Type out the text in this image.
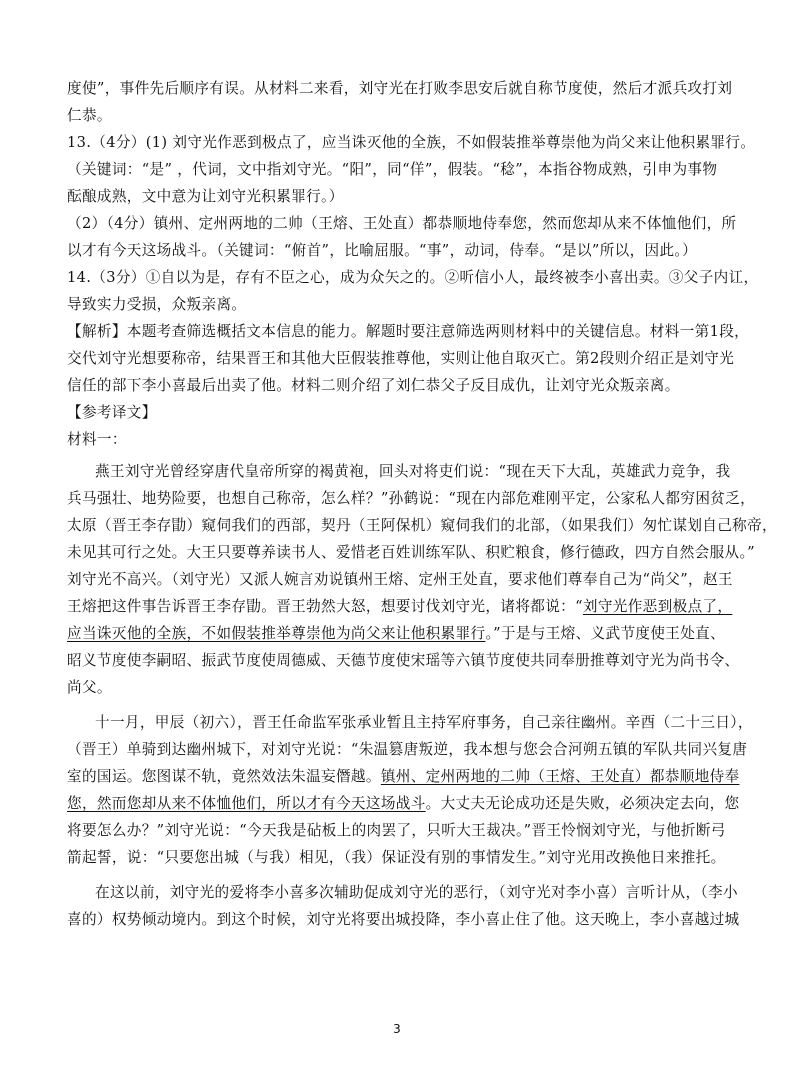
度使”，事件先后顺序有误。从材料二来看，刘守光在打败李思安后就自称节度使，然后才派兵攻打刘
仁恭。
13.（4分）(1) 刘守光作恶到极点了，应当诛灭他的全族，不如假装推举尊崇他为尚父来让他积累罪行。
（关键词：“是” ，代词，文中指刘守光。“阳”，同“佯”，假装。“稔”，本指谷物成熟，引申为事物
酝酿成熟，文中意为让刘守光积累罪行。）
（2）（4分）镇州、定州两地的二帅（王熔、王处直）都恭顺地侍奉您，然而您却从来不体恤他们，所
以才有今天这场战斗。（关键词：“俯首”，比喻屈服。“事”，动词，侍奉。“是以”所以，因此。）
14.（3分）①自以为是，存有不臣之心，成为众矢之的。②听信小人，最终被李小喜出卖。③父子内讧，
导致实力受损，众叛亲离。
【解析】本题考查筛选概括文本信息的能力。解题时要注意筛选两则材料中的关键信息。材料一第1段，
交代刘守光想要称帝，结果晋王和其他大臣假装推尊他，实则让他自取灭亡。第2段则介绍正是刘守光
信任的部下李小喜最后出卖了他。材料二则介绍了刘仁恭父子反目成仇，让刘守光众叛亲离。
【参考译文】
材料一：
燕王刘守光曾经穿唐代皇帝所穿的褐黄袍，回头对将吏们说：“现在天下大乱，英雄武力竞争，我
兵马强壮、地势险要，也想自己称帝，怎么样？”孙鹤说：“现在内部危难刚平定，公家私人都穷困贫乏，
太原（晋王李存勖）窥伺我们的西部，契丹（王阿保机）窥伺我们的北部，（如果我们）匆忙谋划自己称帝，
未见其可行之处。大王只要尊养读书人、爱惜老百姓训练军队、积贮粮食，修行德政，四方自然会服从。”
刘守光不高兴。（刘守光）又派人婉言劝说镇州王熔、定州王处直，要求他们尊奉自己为“尚父”，赵王
王熔把这件事告诉晋王李存勖。晋王勃然大怒，想要讨伐刘守光，诸将都说：“刘守光作恶到极点了，
应当诛灭他的全族，不如假装推举尊崇他为尚父来让他积累罪行。”于是与王熔、义武节度使王处直、
昭义节度使李嗣昭、振武节度使周德威、天德节度使宋瑶等六镇节度使共同奉册推尊刘守光为尚书令、
尚父。
十一月，甲辰（初六），晋王任命监军张承业暂且主持军府事务，自己亲往幽州。辛酉（二十三日），
（晋王）单骑到达幽州城下，对刘守光说：“朱温篡唐叛逆，我本想与您会合河朔五镇的军队共同兴复唐
室的国运。您图谋不轨，竟然效法朱温妄僭越。镇州、定州两地的二帅（王熔、王处直）都恭顺地侍奉
您，然而您却从来不体恤他们，所以才有今天这场战斗。大丈夫无论成功还是失败，必须决定去向，您
将要怎么办？”刘守光说：“今天我是砧板上的肉罢了，只听大王裁决。”晋王怜悯刘守光，与他折断弓
箭起誓，说：“只要您出城（与我）相见，（我）保证没有别的事情发生。”刘守光用改换他日来推托。
在这以前，刘守光的爱将李小喜多次辅助促成刘守光的恶行，（刘守光对李小喜）言听计从，（李小
喜的）权势倾动境内。到这个时候，刘守光将要出城投降，李小喜止住了他。这天晚上，李小喜越过城
3
